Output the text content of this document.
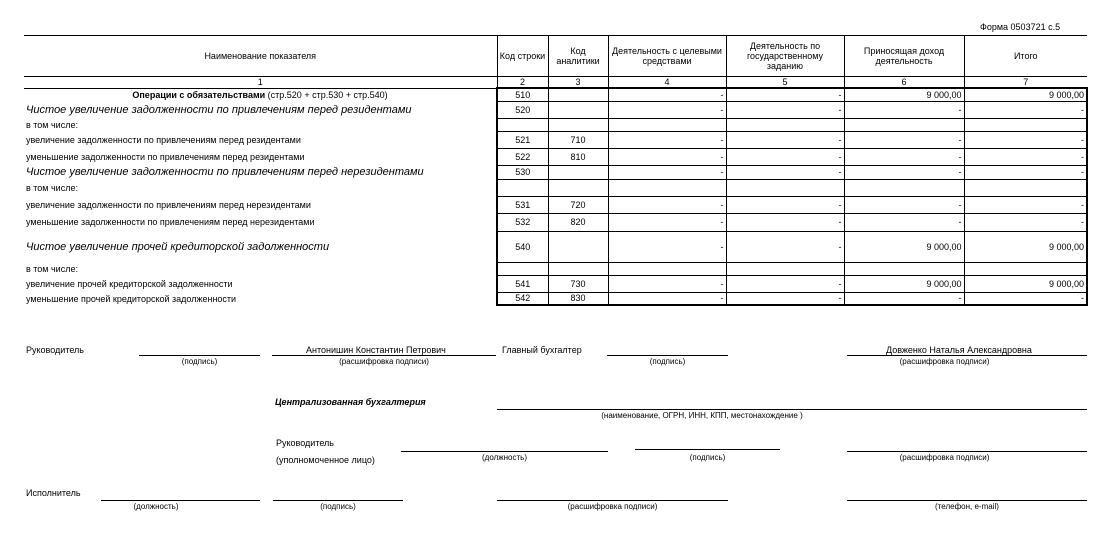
Форма 0503721 с.5
Наименование показателя	Код строки	Код аналитики	Деятельность с целевыми средствами	Деятельность по государственному заданию	Приносящая доход деятельность	Итого
1	2	3	4	5	6	7
Операции с обязательствами (стр.520 + стр.530 + стр.540)	510		-	-	9 000,00	9 000,00
Чистое увеличение задолженности по привлечениям перед резидентами	520		-	-	-	-
в том числе:						
увеличение задолженности по привлечениям перед резидентами	521	710	-	-	-	-
уменьшение задолженности по привлечениям перед резидентами	522	810	-	-	-	-
Чистое увеличение задолженности по привлечениям перед нерезидентами	530		-	-	-	-
в том числе:						
увеличение задолженности по привлечениям перед нерезидентами	531	720	-	-	-	-
уменьшение задолженности по привлечениям перед нерезидентами	532	820	-	-	-	-
Чистое увеличение прочей кредиторской задолженности	540		-	-	9 000,00	9 000,00
в том числе:						
увеличение прочей кредиторской задолженности	541	730	-	-	9 000,00	9 000,00
уменьшение прочей кредиторской задолженности	542	830	-	-	-	-
Руководитель
(подпись)
Антонишин Константин Петрович
(расшифровка подписи)
Главный бухгалтер
(подпись)
Довженко Наталья Александровна
(расшифровка подписи)
Централизованная бухгалтерия
(наименование, ОГРН, ИНН, КПП, местонахождение )
Руководитель
(уполномоченное лицо)	(должность)	(подпись)	(расшифровка подписи)
Исполнитель
(должность)	(подпись)	(расшифровка подписи)	(телефон, e-mail)
